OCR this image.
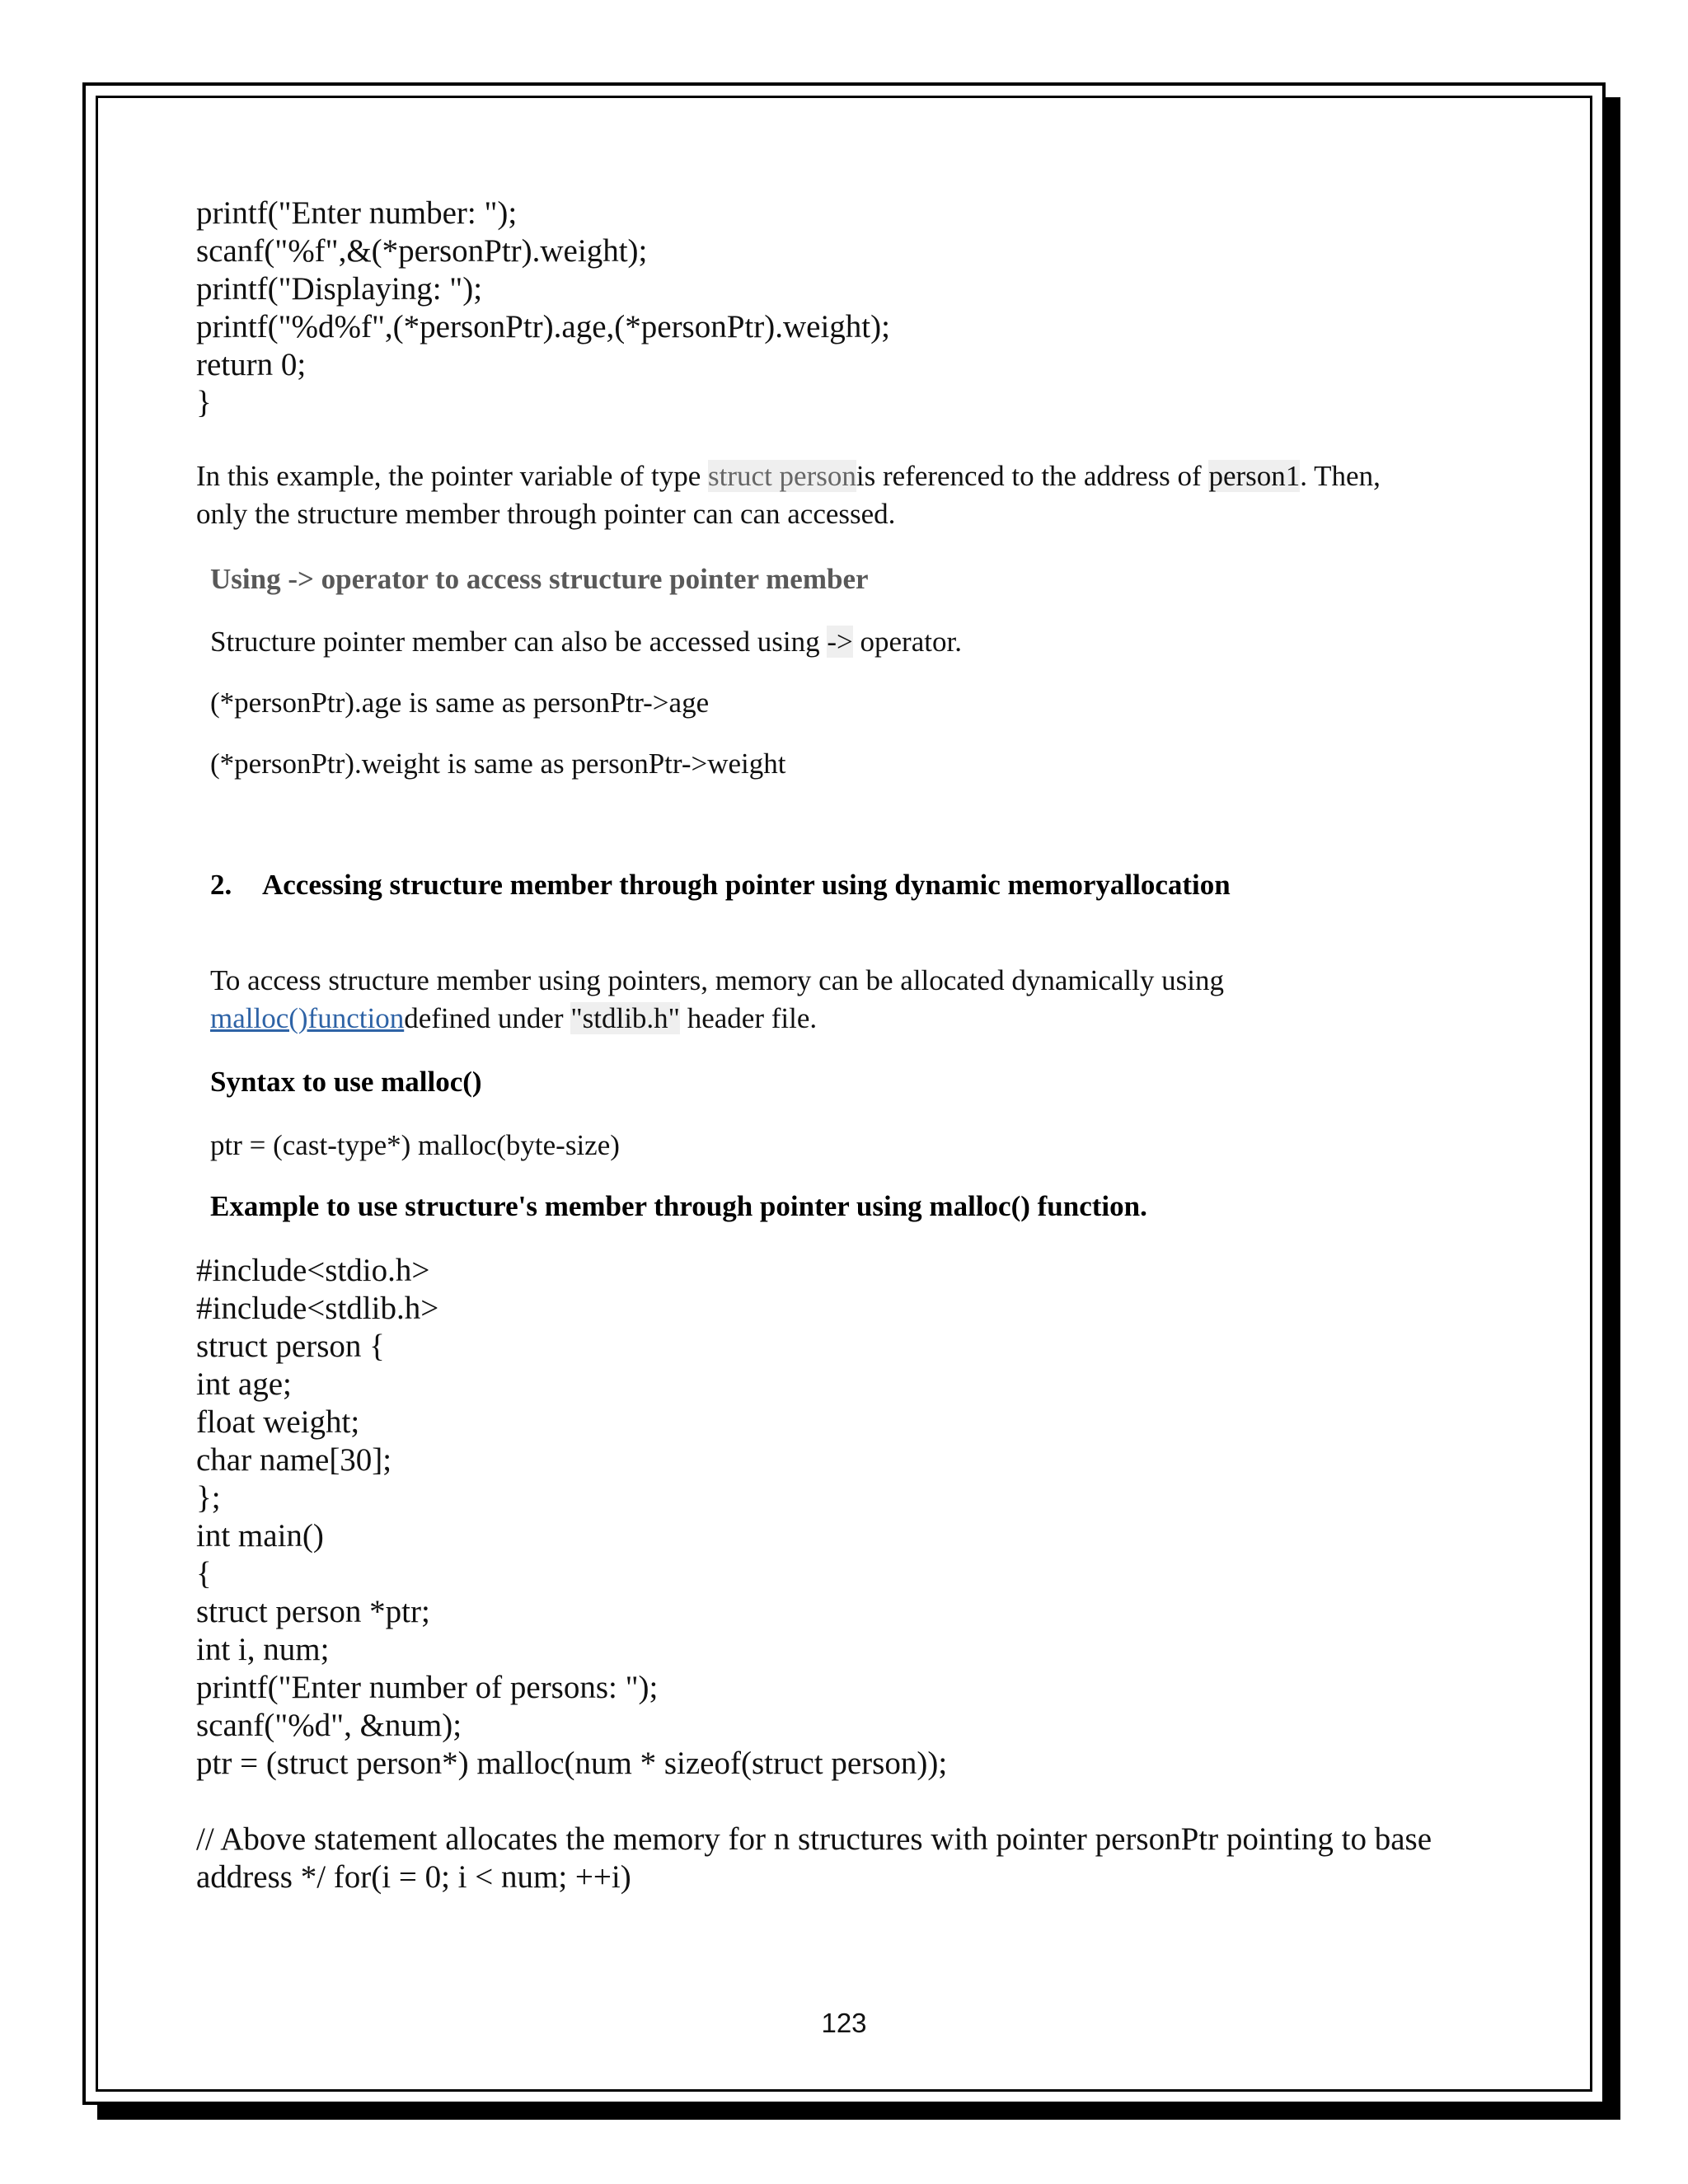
printf("Enter number: ");
scanf("%f",&(*personPtr).weight);
printf("Displaying: ");
printf("%d%f",(*personPtr).age,(*personPtr).weight);
return 0;
}
In this example, the pointer variable of type struct personis referenced to the address of person1. Then,
only the structure member through pointer can can accessed.
Using -> operator to access structure pointer member
Structure pointer member can also be accessed using -> operator.
(*personPtr).age is same as personPtr->age
(*personPtr).weight is same as personPtr->weight
2. Accessing structure member through pointer using dynamic memoryallocation
To access structure member using pointers, memory can be allocated dynamically using
malloc()functiondefined under "stdlib.h" header file.
Syntax to use malloc()
ptr = (cast-type*) malloc(byte-size)
Example to use structure's member through pointer using malloc() function.
#include<stdio.h>
#include<stdlib.h>
struct person {
int age;
float weight;
char name[30];
};
int main()
{
struct person *ptr;
int i, num;
printf("Enter number of persons: ");
scanf("%d", &num);
ptr = (struct person*) malloc(num * sizeof(struct person));
// Above statement allocates the memory for n structures with pointer personPtr pointing to base
address */ for(i = 0; i < num; ++i)
123
